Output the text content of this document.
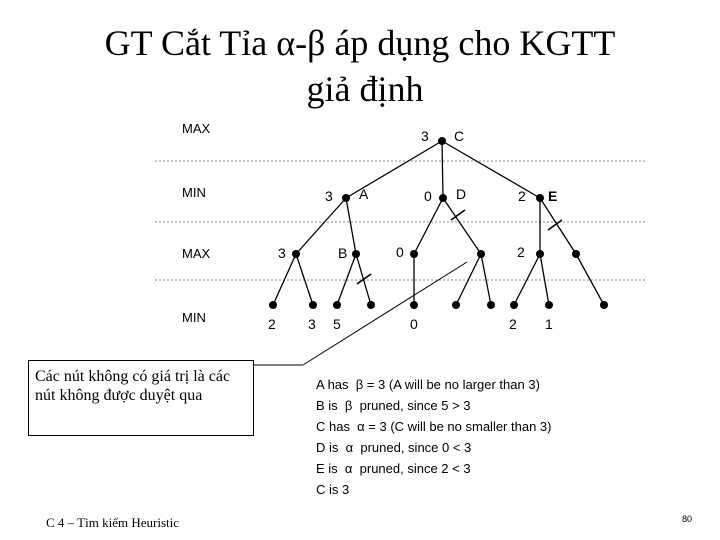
GT Cắt Tỉa α-β áp dụng cho KGTT
giả định
MAX
MIN
MAX
MIN
3 C
3 A	0 D	2 E
3	B	0	2
2 3 5	0	2 1
Các nút không có giá trị là các nút không được duyệt qua
A has  β = 3 (A will be no larger than 3)
B is  β  pruned, since 5 > 3
C has  α = 3 (C will be no smaller than 3)
D is  α  pruned, since 0 < 3
E is  α  pruned, since 2 < 3
C is 3
C 4 – Tìm kiếm Heuristic	80
